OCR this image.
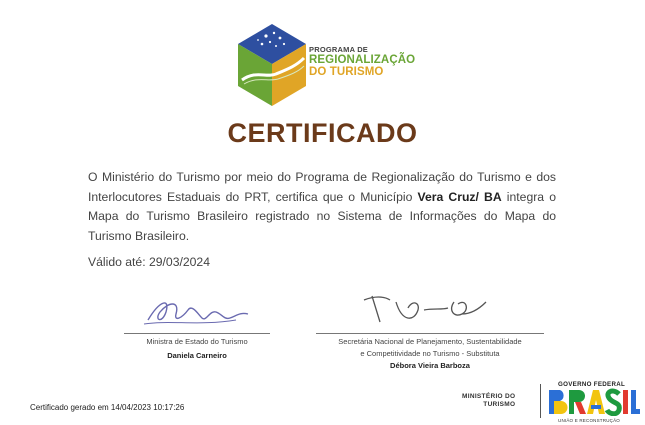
PROGRAMA DE
REGIONALIZAÇÃO
DO TURISMO
CERTIFICADO
O Ministério do Turismo por meio do Programa de Regionalização do Turismo e dos Interlocutores Estaduais do PRT, certifica que o Município Vera Cruz/ BA integra o Mapa do Turismo Brasileiro registrado no Sistema de Informações do Mapa do Turismo Brasileiro.
Válido até: 29/03/2024
Ministra de Estado do Turismo
Daniela Carneiro
Secretária Nacional de Planejamento, Sustentabilidade
e Competitividade no Turismo - Substituta
Débora Vieira Barboza
Certificado gerado em 14/04/2023 10:17:26
MINISTÉRIO DO
TURISMO
GOVERNO FEDERAL
UNIÃO E RECONSTRUÇÃO
